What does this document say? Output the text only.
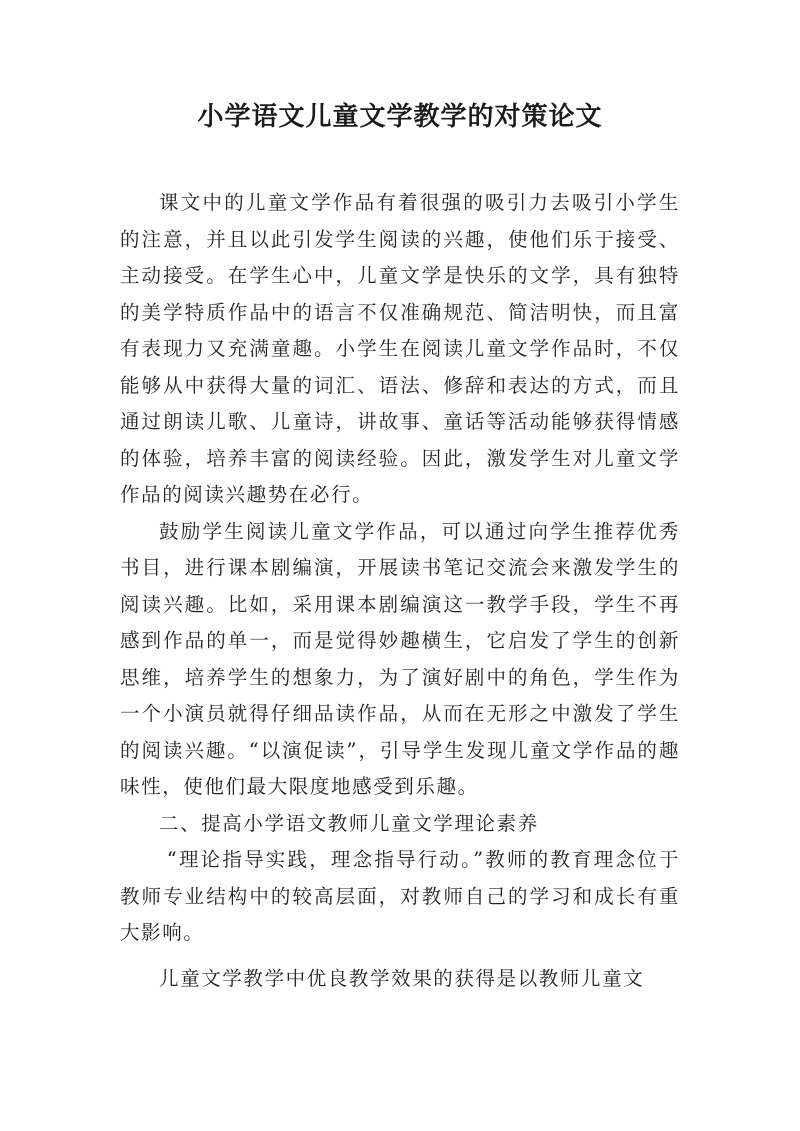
小学语文儿童文学教学的对策论文

课文中的儿童文学作品有着很强的吸引力去吸引小学生的注意，并且以此引发学生阅读的兴趣，使他们乐于接受、主动接受。在学生心中，儿童文学是快乐的文学，具有独特的美学特质作品中的语言不仅准确规范、简洁明快，而且富有表现力又充满童趣。小学生在阅读儿童文学作品时，不仅能够从中获得大量的词汇、语法、修辞和表达的方式，而且通过朗读儿歌、儿童诗，讲故事、童话等活动能够获得情感的体验，培养丰富的阅读经验。因此，激发学生对儿童文学作品的阅读兴趣势在必行。

鼓励学生阅读儿童文学作品，可以通过向学生推荐优秀书目，进行课本剧编演，开展读书笔记交流会来激发学生的阅读兴趣。比如，采用课本剧编演这一教学手段，学生不再感到作品的单一，而是觉得妙趣横生，它启发了学生的创新思维，培养学生的想象力，为了演好剧中的角色，学生作为一个小演员就得仔细品读作品，从而在无形之中激发了学生的阅读兴趣。“以演促读”，引导学生发现儿童文学作品的趣味性，使他们最大限度地感受到乐趣。

二、提高小学语文教师儿童文学理论素养

“理论指导实践，理念指导行动。”教师的教育理念位于教师专业结构中的较高层面，对教师自己的学习和成长有重大影响。

儿童文学教学中优良教学效果的获得是以教师儿童文
